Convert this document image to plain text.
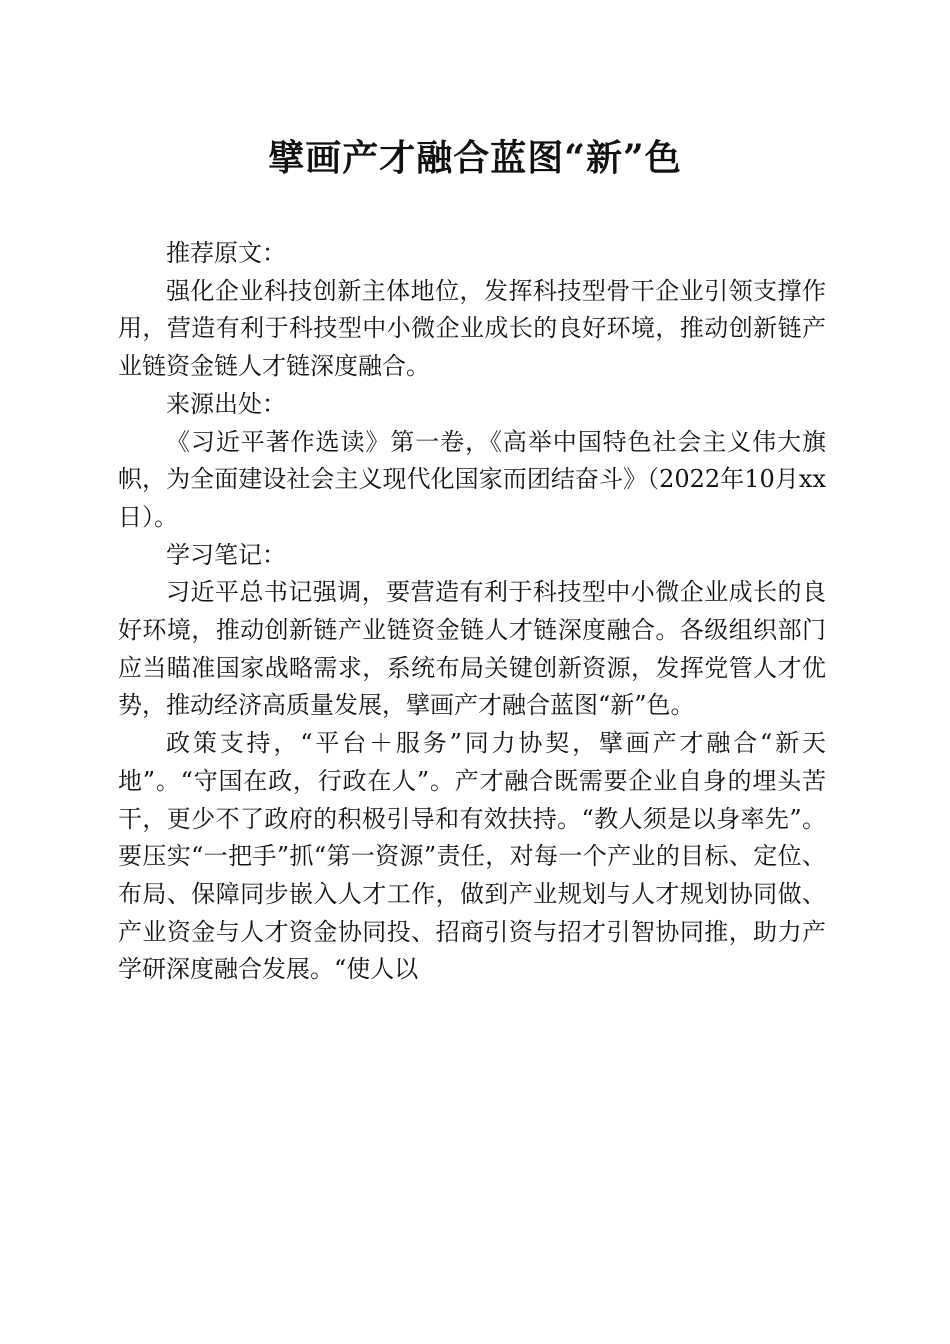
擘画产才融合蓝图“新”色

推荐原文：

强化企业科技创新主体地位，发挥科技型骨干企业引领支撑作用，营造有利于科技型中小微企业成长的良好环境，推动创新链产业链资金链人才链深度融合。

来源出处：

《习近平著作选读》第一卷，《高举中国特色社会主义伟大旗帜，为全面建设社会主义现代化国家而团结奋斗》（2022年10月xx日）。

学习笔记：

习近平总书记强调，要营造有利于科技型中小微企业成长的良好环境，推动创新链产业链资金链人才链深度融合。各级组织部门应当瞄准国家战略需求，系统布局关键创新资源，发挥党管人才优势，推动经济高质量发展，擘画产才融合蓝图“新”色。

政策支持，“平台＋服务”同力协契，擘画产才融合“新天地”。“守国在政，行政在人”。产才融合既需要企业自身的埋头苦干，更少不了政府的积极引导和有效扶持。“教人须是以身率先”。要压实“一把手”抓“第一资源”责任，对每一个产业的目标、定位、布局、保障同步嵌入人才工作，做到产业规划与人才规划协同做、产业资金与人才资金协同投、招商引资与招才引智协同推，助力产学研深度融合发展。“使人以
